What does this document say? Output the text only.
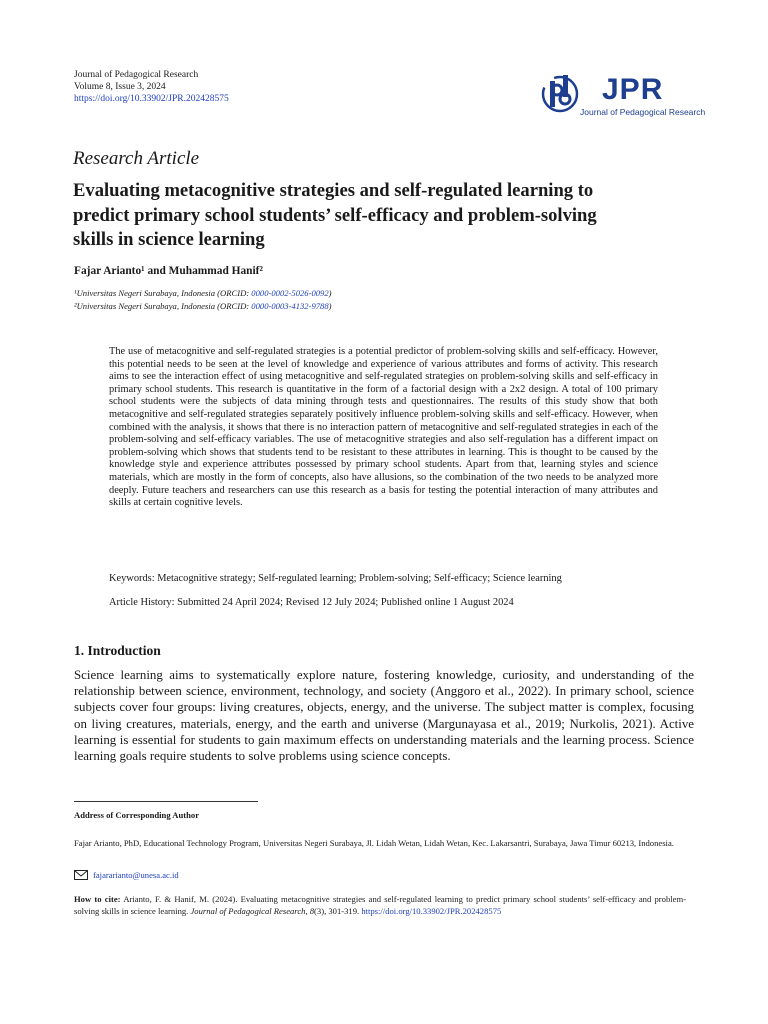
Journal of Pedagogical Research
Volume 8, Issue 3, 2024
https://doi.org/10.33902/JPR.202428575	JPR
Journal of Pedagogical Research
Research Article
Evaluating metacognitive strategies and self-regulated learning to predict primary school students’ self-efficacy and problem-solving skills in science learning
Fajar Arianto¹ and Muhammad Hanif²
¹Universitas Negeri Surabaya, Indonesia (ORCID: 0000-0002-5026-0092)
²Universitas Negeri Surabaya, Indonesia (ORCID: 0000-0003-4132-9788)
The use of metacognitive and self-regulated strategies is a potential predictor of problem-solving skills and self-efficacy. However, this potential needs to be seen at the level of knowledge and experience of various attributes and forms of activity. This research aims to see the interaction effect of using metacognitive and self-regulated strategies on problem-solving skills and self-efficacy in primary school students. This research is quantitative in the form of a factorial design with a 2x2 design. A total of 100 primary school students were the subjects of data mining through tests and questionnaires. The results of this study show that both metacognitive and self-regulated strategies separately positively influence problem-solving skills and self-efficacy. However, when combined with the analysis, it shows that there is no interaction pattern of metacognitive and self-regulated strategies in each of the problem-solving and self-efficacy variables. The use of metacognitive strategies and also self-regulation has a different impact on problem-solving which shows that students tend to be resistant to these attributes in learning. This is thought to be caused by the knowledge style and experience attributes possessed by primary school students. Apart from that, learning styles and science materials, which are mostly in the form of concepts, also have allusions, so the combination of the two needs to be analyzed more deeply. Future teachers and researchers can use this research as a basis for testing the potential interaction of many attributes and skills at certain cognitive levels.
Keywords: Metacognitive strategy; Self-regulated learning; Problem-solving; Self-efficacy; Science learning
Article History: Submitted 24 April 2024; Revised 12 July 2024; Published online 1 August 2024
1. Introduction
Science learning aims to systematically explore nature, fostering knowledge, curiosity, and understanding of the relationship between science, environment, technology, and society (Anggoro et al., 2022). In primary school, science subjects cover four groups: living creatures, objects, energy, and the universe. The subject matter is complex, focusing on living creatures, materials, energy, and the earth and universe (Margunayasa et al., 2019; Nurkolis, 2021). Active learning is essential for students to gain maximum effects on understanding materials and the learning process. Science learning goals require students to solve problems using science concepts.
Address of Corresponding Author
Fajar Arianto, PhD, Educational Technology Program, Universitas Negeri Surabaya, Jl. Lidah Wetan, Lidah Wetan, Kec. Lakarsantri, Surabaya, Jawa Timur 60213, Indonesia.
fajararianto@unesa.ac.id
How to cite: Arianto, F. & Hanif, M. (2024). Evaluating metacognitive strategies and self-regulated learning to predict primary school students’ self-efficacy and problem-solving skills in science learning. Journal of Pedagogical Research, 8(3), 301-319. https://doi.org/10.33902/JPR.202428575
